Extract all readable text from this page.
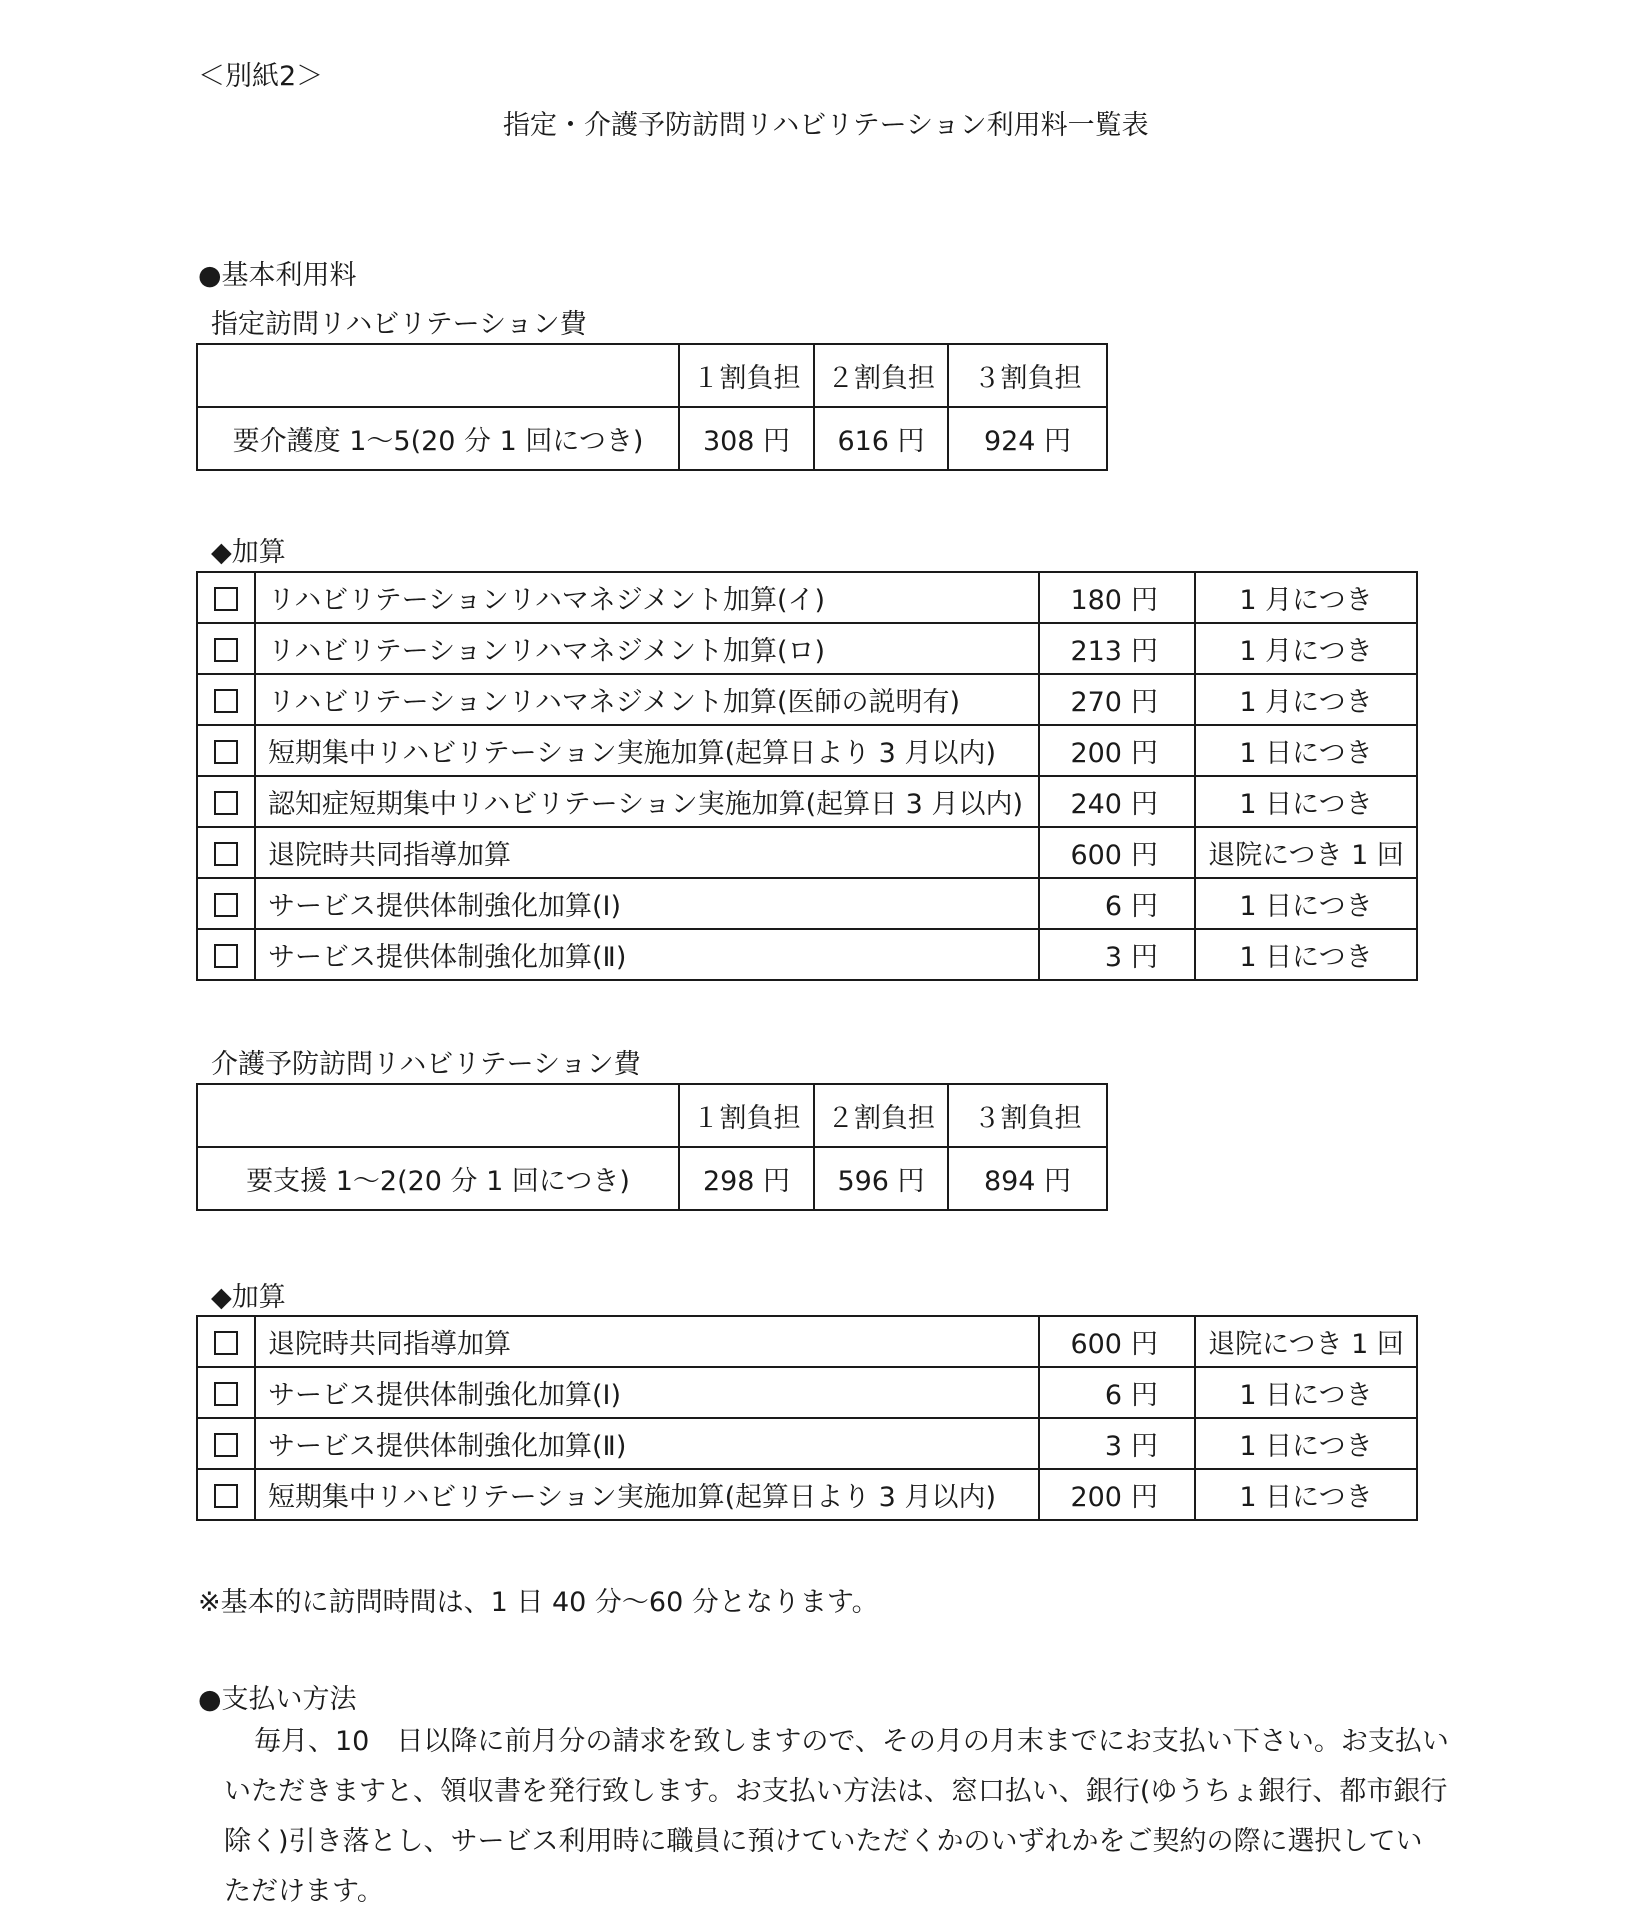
＜別紙2＞
指定・介護予防訪問リハビリテーション利用料一覧表
●基本利用料
指定訪問リハビリテーション費
	１割負担	２割負担	３割負担
要介護度 1～5(20 分 1 回につき)	308 円	616 円	924 円
◆加算
	リハビリテーションリハマネジメント加算(イ)	180 円	1 月につき
	リハビリテーションリハマネジメント加算(ロ)	213 円	1 月につき
	リハビリテーションリハマネジメント加算(医師の説明有)	270 円	1 月につき
	短期集中リハビリテーション実施加算(起算日より 3 月以内)	200 円	1 日につき
	認知症短期集中リハビリテーション実施加算(起算日 3 月以内)	240 円	1 日につき
	退院時共同指導加算	600 円	退院につき 1 回
	サービス提供体制強化加算(Ⅰ)	6 円	1 日につき
	サービス提供体制強化加算(Ⅱ)	3 円	1 日につき
介護予防訪問リハビリテーション費
	１割負担	２割負担	３割負担
要支援 1～2(20 分 1 回につき)	298 円	596 円	894 円
◆加算
	退院時共同指導加算	600 円	退院につき 1 回
	サービス提供体制強化加算(Ⅰ)	6 円	1 日につき
	サービス提供体制強化加算(Ⅱ)	3 円	1 日につき
	短期集中リハビリテーション実施加算(起算日より 3 月以内)	200 円	1 日につき
※基本的に訪問時間は、1 日 40 分～60 分となります。
●支払い方法
毎月、10　日以降に前月分の請求を致しますので、その月の月末までにお支払い下さい。お支払い
いただきますと、領収書を発行致します。お支払い方法は、窓口払い、銀行(ゆうちょ銀行、都市銀行
除く)引き落とし、サービス利用時に職員に預けていただくかのいずれかをご契約の際に選択してい
ただけます。
